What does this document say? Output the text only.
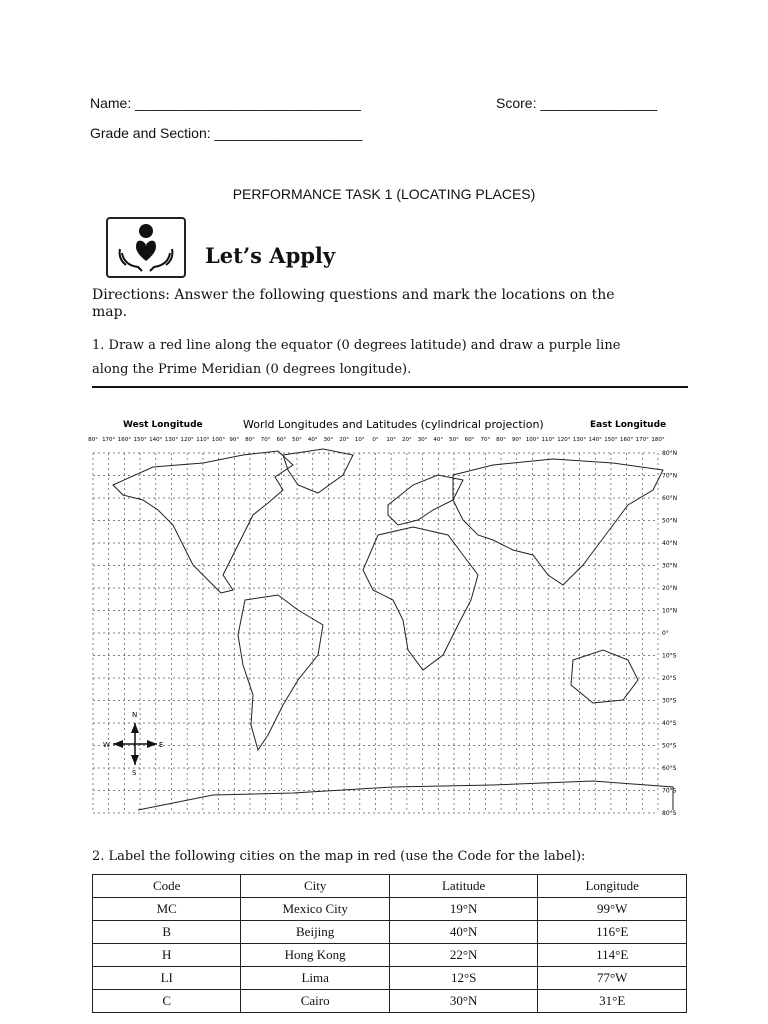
Name: _____________________________	Score: _______________
Grade and Section: ___________________
PERFORMANCE TASK 1 (LOCATING PLACES)
Let’s Apply
Directions: Answer the following questions and mark the locations on the
map.
1. Draw a red line along the equator (0 degrees latitude) and draw a purple line
along the Prime Meridian (0 degrees longitude).
West Longitude	World Longitudes and Latitudes (cylindrical projection)	East Longitude
80° 170° 160° 150° 140° 130° 120° 110° 100° 90° 80° 70° 60° 50° 40° 30° 20° 10° 0° 10° 20° 30° 40° 50° 60° 70° 80° 90° 100° 110° 120° 130° 140° 150° 160° 170° 180°
80°N
70°N
60°N
50°N
40°N
30°N
20°N
10°N
0°
10°S
20°S
30°S
40°S
50°S
60°S
70°S
80°S
N
S
W	E
2. Label the following cities on the map in red (use the Code for the label):
Code	City	Latitude	Longitude
MC	Mexico City	19°N	99°W
B	Beijing	40°N	116°E
H	Hong Kong	22°N	114°E
LI	Lima	12°S	77°W
C	Cairo	30°N	31°E
